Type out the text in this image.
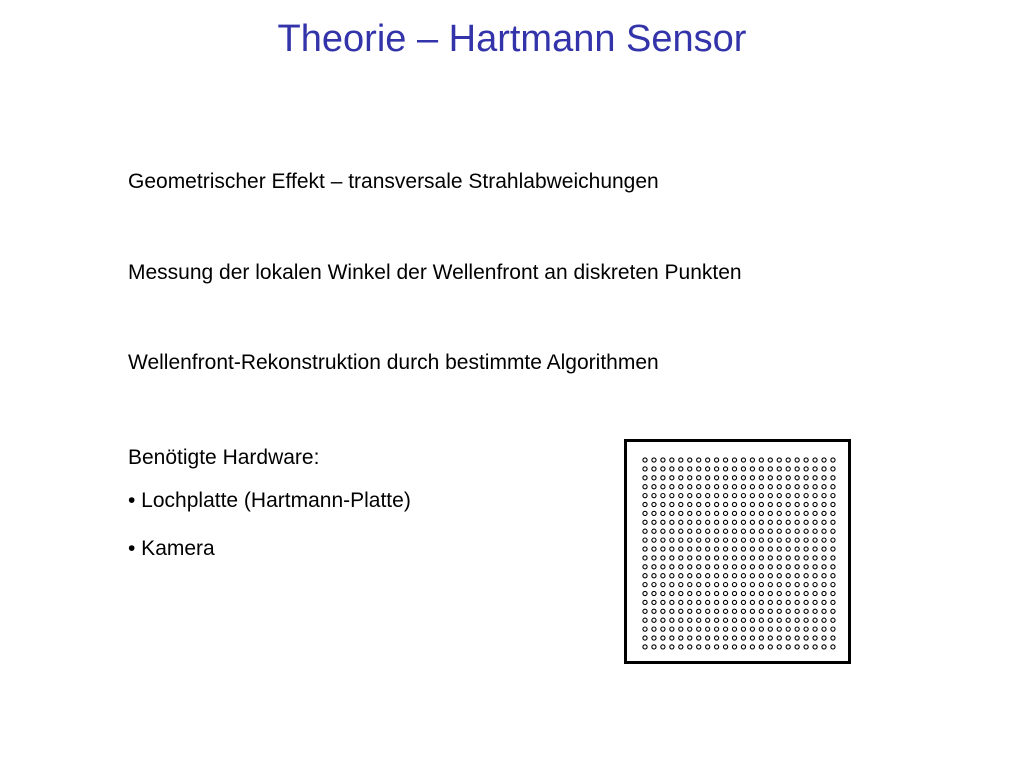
Theorie – Hartmann Sensor
Geometrischer Effekt – transversale Strahlabweichungen
Messung der lokalen Winkel der Wellenfront an diskreten Punkten
Wellenfront-Rekonstruktion durch bestimmte Algorithmen
Benötigte Hardware:
• Lochplatte (Hartmann-Platte)
• Kamera
